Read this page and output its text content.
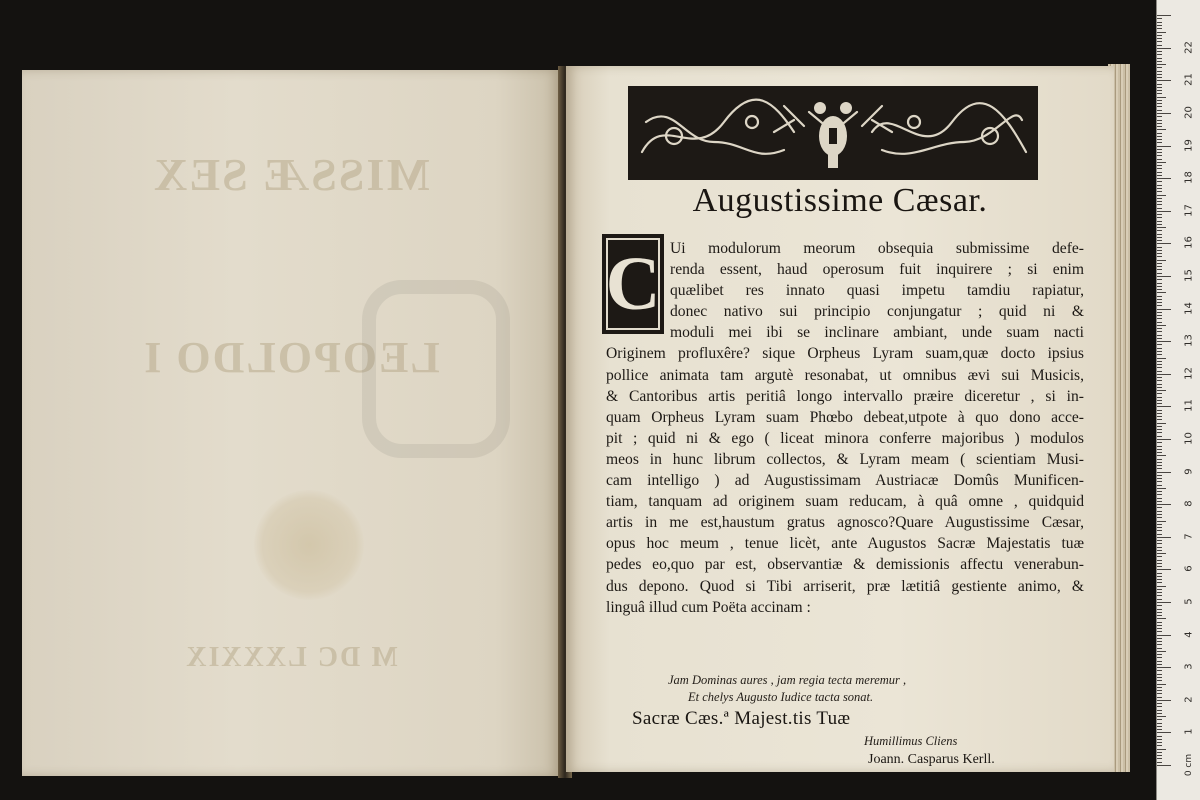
MISSÆ SEX
LEOPOLDO I
M DC LXXXIX
Augustissime Cæsar.
C Ui modulorum meorum obsequia submissime defe-
renda essent, haud operosum fuit inquirere ; si enim
quælibet res innato quasi impetu tamdiu rapiatur,
donec nativo sui principio conjungatur ; quid ni &
moduli mei ibi se inclinare ambiant, unde suam nacti
Originem profluxêre? sique Orpheus Lyram suam,quæ docto ipsius
pollice animata tam argutè resonabat, ut omnibus ævi sui Musicis,
& Cantoribus artis peritiâ longo intervallo præire diceretur , si in-
quam Orpheus Lyram suam Phœbo debeat,utpote à quo dono acce-
pit ; quid ni & ego ( liceat minora conferre majoribus ) modulos
meos in hunc librum collectos, & Lyram meam ( scientiam Musi-
cam intelligo ) ad Augustissimam Austriacæ Domûs Munificen-
tiam, tanquam ad originem suam reducam, à quâ omne , quidquid
artis in me est,haustum gratus agnosco?Quare Augustissime Cæsar,
opus hoc meum , tenue licèt, ante Augustos Sacræ Majestatis tuæ
pedes eo,quo par est, observantiæ & demissionis affectu venerabun-
dus depono. Quod si Tibi arriserit, præ lætitiâ gestiente animo, &
linguâ illud cum Poëta accinam :
Jam Dominas aures , jam regia tecta meremur ,
Et chelys Augusto Iudice tacta sonat.
Sacræ Cæs.ª Majest.tis Tuæ
Humillimus Cliens
Joann. Casparus Kerll.
1
2
3
4
5
6
7
8
9
10
11
12
13
14
15
16
17
18
19
20
21
22
0 cm
